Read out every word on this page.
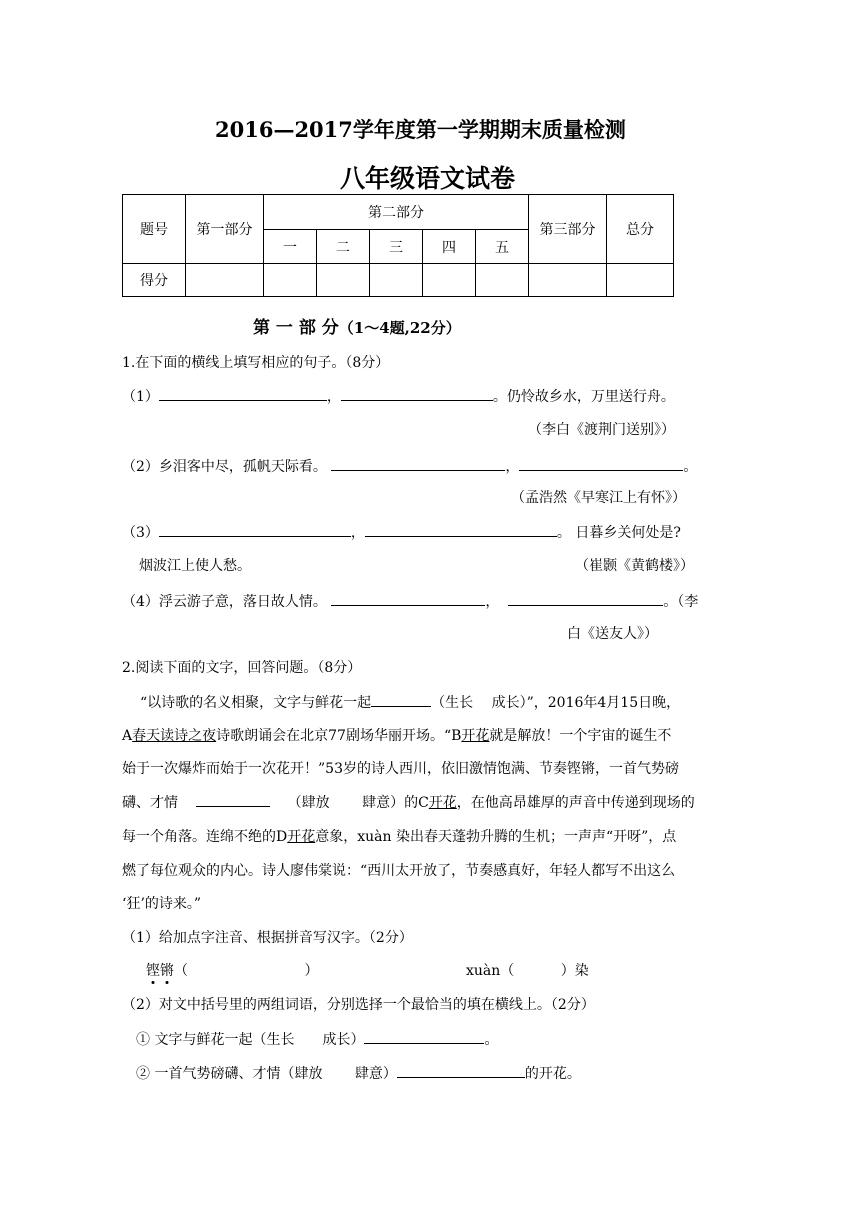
2016—2017学年度第一学期期末质量检测
八年级语文试卷
题号	第一部分	第二部分					第三部分	总分
		一	二	三	四	五		
得分								
第 一 部 分（1～4题,22分）
1.在下面的横线上填写相应的句子。（8分）
（1）	，	。仍怜故乡水，万里送行舟。
（李白《渡荆门送别》）
（2）乡泪客中尽，孤帆天际看。	，	。
（孟浩然《早寒江上有怀》）
（3）	，	。 日暮乡关何处是?
烟波江上使人愁。	（崔颢《黄鹤楼》）
（4）浮云游子意，落日故人情。	，	。（李
白《送友人》）
2.阅读下面的文字，回答问题。（8分）
“以诗歌的名义相聚，文字与鲜花一起	（生长　 成长）”，2016年4月15日晚，
A春天读诗之夜诗歌朗诵会在北京77剧场华丽开场。“B开花就是解放！一个宇宙的诞生不
始于一次爆炸而始于一次花开！”53岁的诗人西川，依旧激情饱满、节奏铿锵，一首气势磅
礴、才情	（肆放　　 肆意）的C开花，在他高昂雄厚的声音中传递到现场的
每一个角落。连绵不绝的D开花意象，xuàn 染出春天蓬勃升腾的生机；一声声“开呀”，点
燃了每位观众的内心。诗人廖伟棠说：“西川太开放了，节奏感真好，年轻人都写不出这么
‘狂’的诗来。”
（1）给加点字注音、根据拼音写汉字。（2分）
铿锵（　　　　　　　　 ）	xuàn（　　　 ）染
（2）对文中括号里的两组词语，分别选择一个最恰当的填在横线上。（2分）
① 文字与鲜花一起（生长　　成长）	。
② 一首气势磅礴、才情（肆放　　 肆意）	的开花。
